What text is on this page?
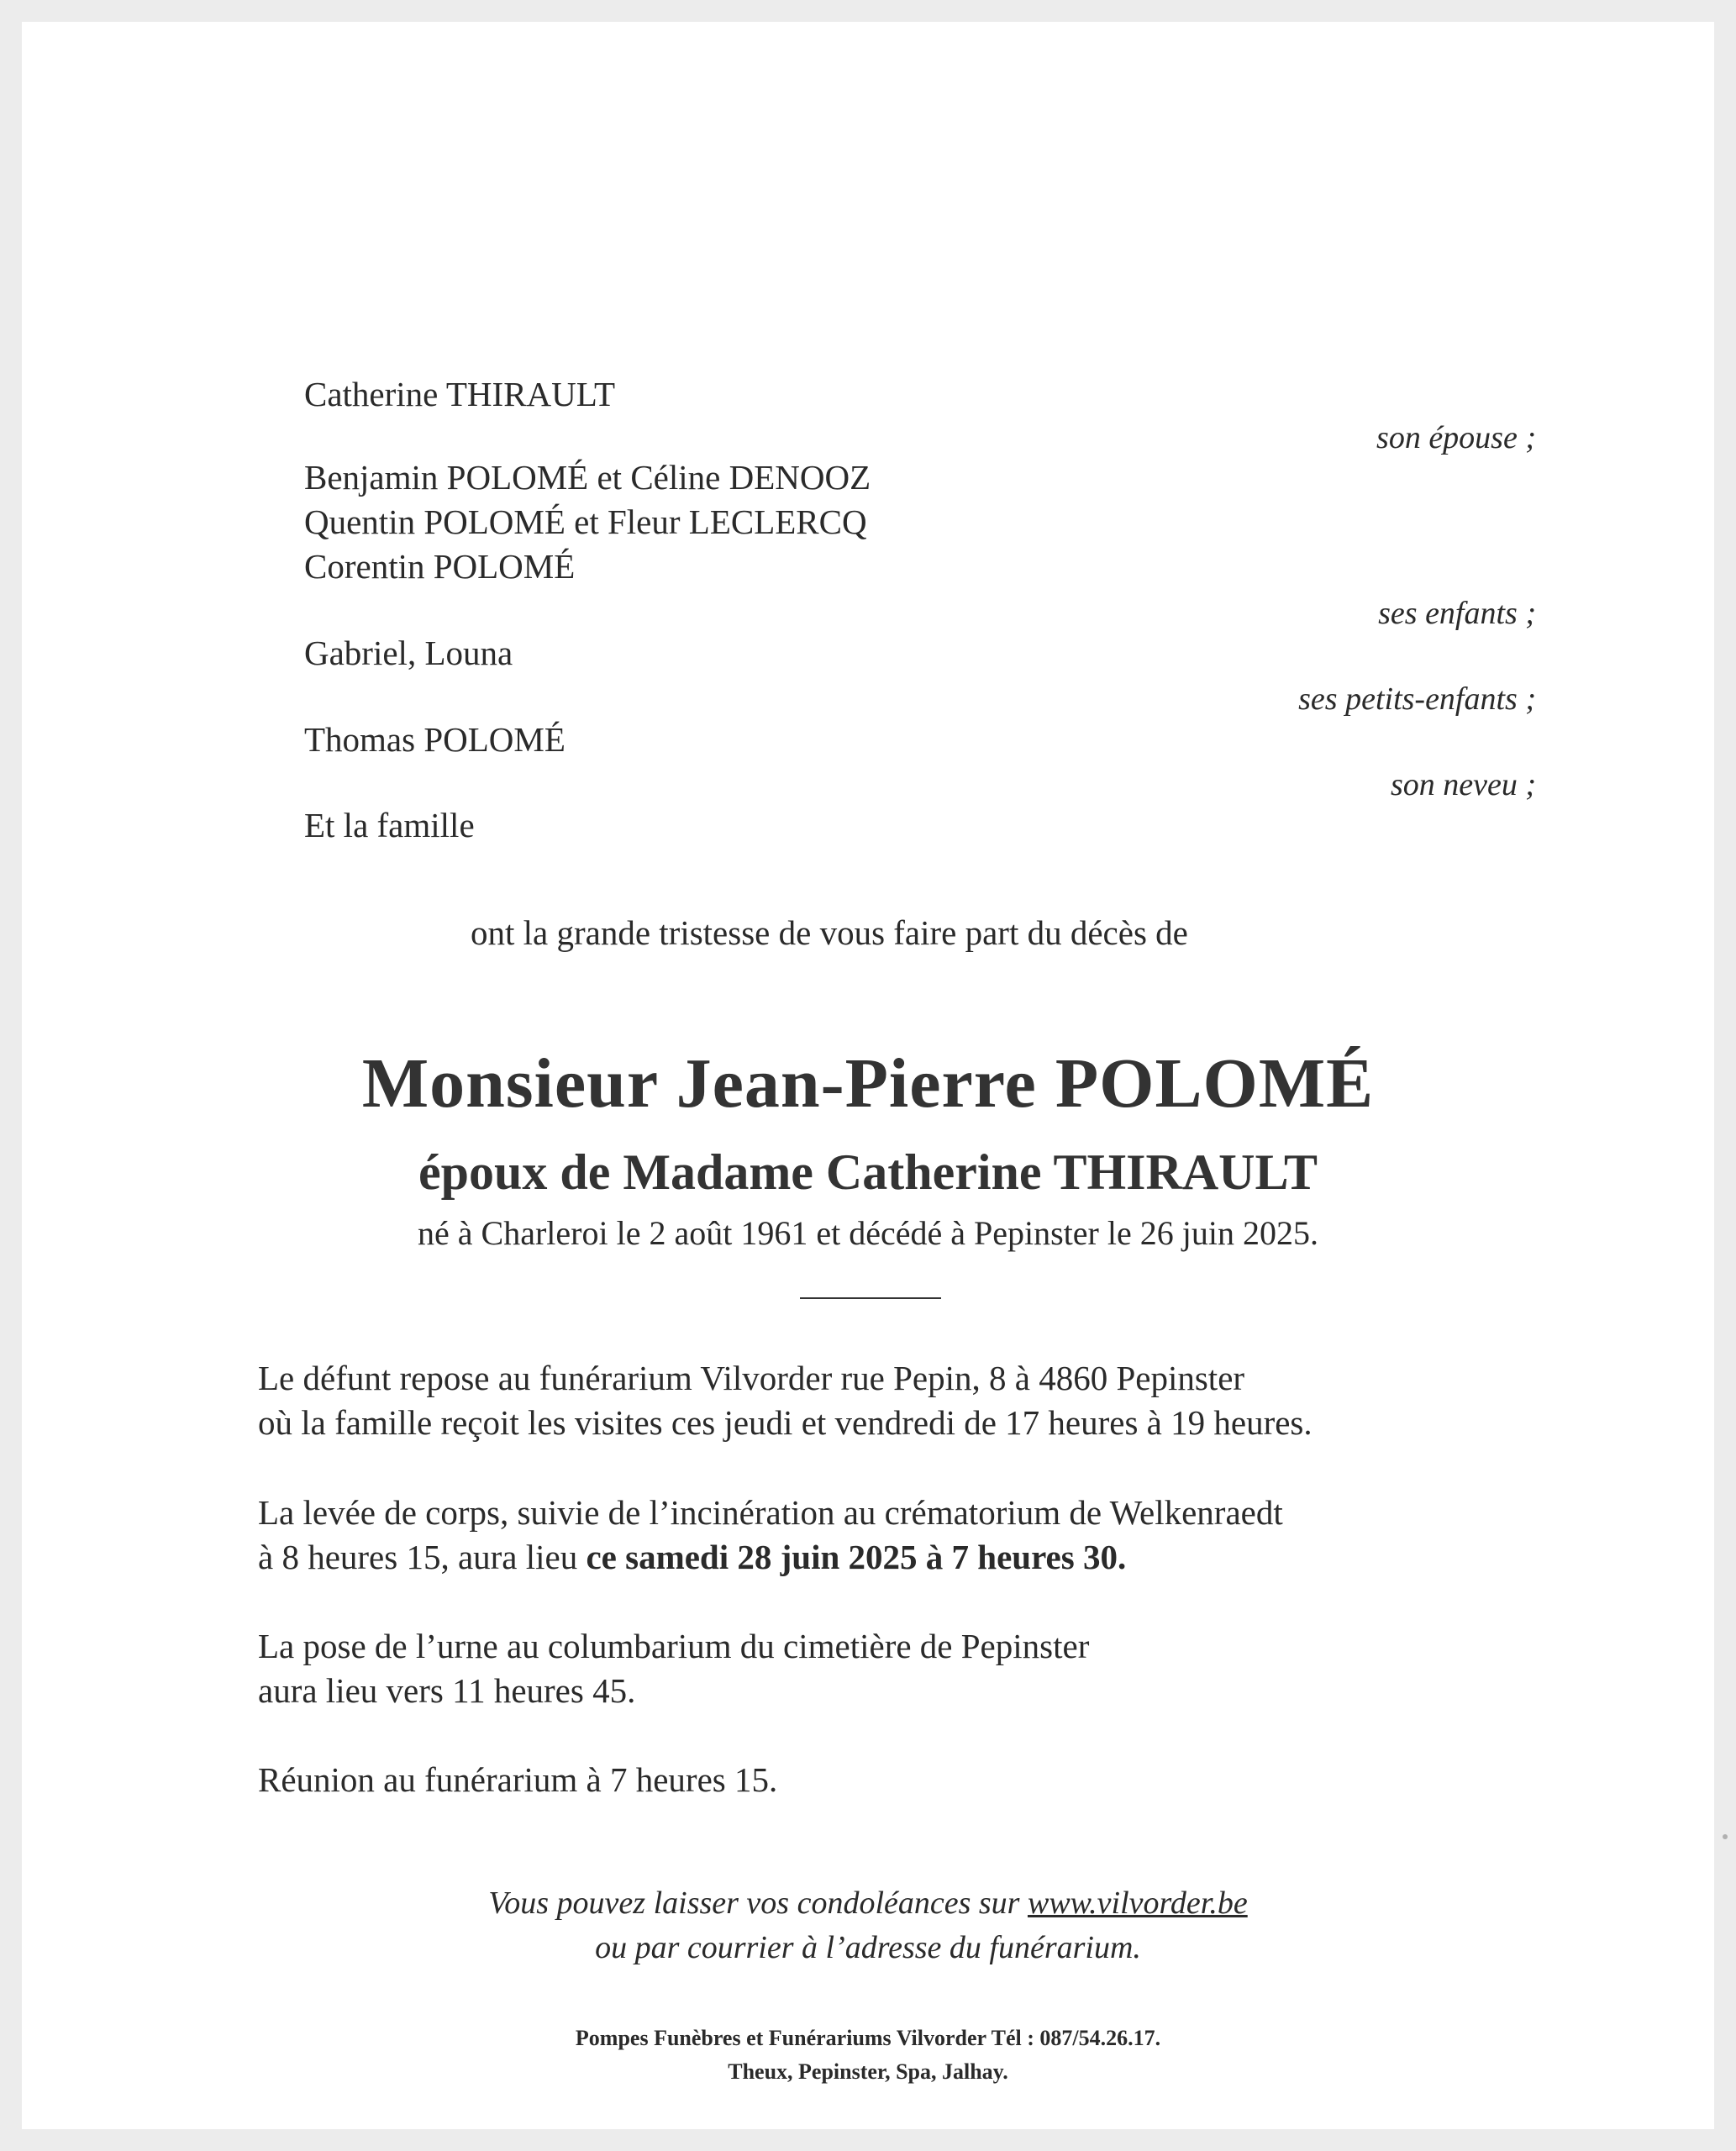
Catherine THIRAULT
son épouse ;
Benjamin POLOMÉ et Céline DENOOZ
Quentin POLOMÉ et Fleur LECLERCQ
Corentin POLOMÉ
ses enfants ;
Gabriel, Louna
ses petits-enfants ;
Thomas POLOMÉ
son neveu ;
Et la famille
ont la grande tristesse de vous faire part du décès de
Monsieur Jean-Pierre POLOMÉ
époux de Madame Catherine THIRAULT
né à Charleroi le 2 août 1961 et décédé à Pepinster le 26 juin 2025.
Le défunt repose au funérarium Vilvorder rue Pepin, 8 à 4860 Pepinster
où la famille reçoit les visites ces jeudi et vendredi de 17 heures à 19 heures.
La levée de corps, suivie de l’incinération au crématorium de Welkenraedt
à 8 heures 15, aura lieu ce samedi 28 juin 2025 à 7 heures 30.
La pose de l’urne au columbarium du cimetière de Pepinster
aura lieu vers 11 heures 45.
Réunion au funérarium à 7 heures 15.
Vous pouvez laisser vos condoléances sur www.vilvorder.be
ou par courrier à l’adresse du funérarium.
Pompes Funèbres et Funérariums Vilvorder Tél : 087/54.26.17.
Theux, Pepinster, Spa, Jalhay.
